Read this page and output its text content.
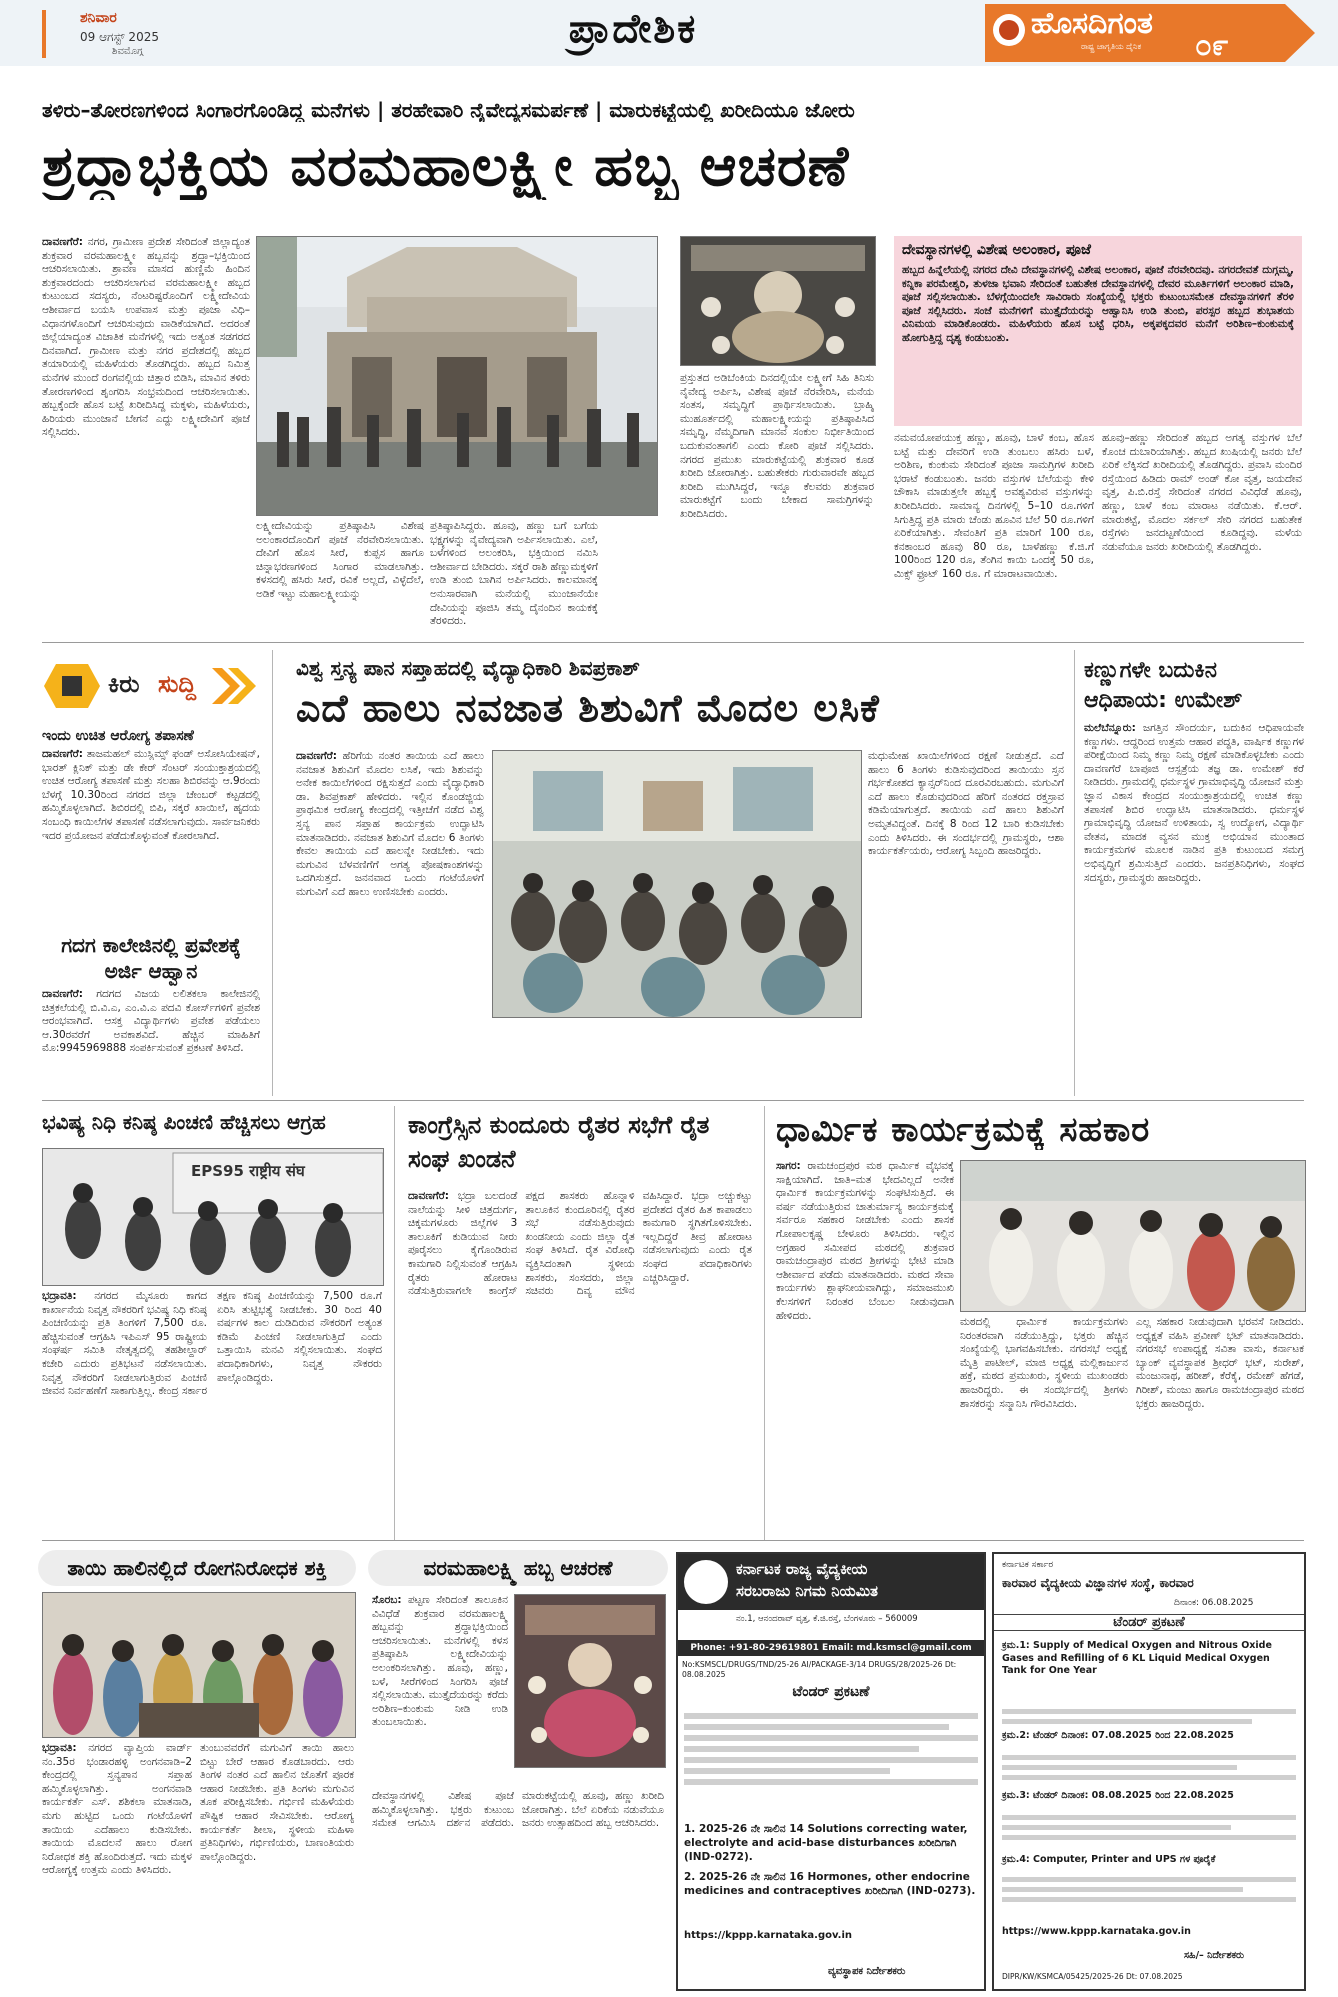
ಶನಿವಾರ
09 ಆಗಸ್ಟ್ 2025
ಶಿವಮೊಗ್ಗ	ಪ್ರಾದೇಶಿಕ	ಹೊಸದಿಗಂತ
ರಾಷ್ಟ್ರ ಜಾಗೃತಿಯ ದೈನಿಕ ೦೯
ತಳಿರು–ತೋರಣಗಳಿಂದ ಸಿಂಗಾರಗೊಂಡಿದ್ದ ಮನೆಗಳು | ತರಹೇವಾರಿ ನೈವೇದ್ಯಸಮರ್ಪಣೆ | ಮಾರುಕಟ್ಟೆಯಲ್ಲಿ ಖರೀದಿಯೂ ಜೋರು
ಶ್ರದ್ಧಾಭಕ್ತಿಯ ವರಮಹಾಲಕ್ಷ್ಮೀ ಹಬ್ಬ ಆಚರಣೆ

ದಾವಣಗೆರೆ: ನಗರ, ಗ್ರಾಮೀಣ ಪ್ರದೇಶ ಸೇರಿದಂತೆ ಜಿಲ್ಲಾದ್ಯಂತ ಶುಕ್ರವಾರ ವರಮಹಾಲಕ್ಷ್ಮೀ ಹಬ್ಬವನ್ನು ಶ್ರದ್ಧಾ–ಭಕ್ತಿಯಿಂದ ಆಚರಿಸಲಾಯಿತು. ಶ್ರಾವಣ ಮಾಸದ ಹುಣ್ಣಿಮೆ ಹಿಂದಿನ ಶುಕ್ರವಾರದಂದು ಆಚರಿಸಲಾಗುವ ವರಮಹಾಲಕ್ಷ್ಮೀ ಹಬ್ಬದ ಕುಟುಂಬದ ಸದಸ್ಯರು, ನೆಂಟರಿಷ್ಟರೊಂದಿಗೆ ಲಕ್ಷ್ಮೀದೇವಿಯ ಆಶೀರ್ವಾದ ಬಯಸಿ ಉಪವಾಸ ಮತ್ತು ಪೂಜಾ ವಿಧಿ–ವಿಧಾನಗಳೊಂದಿಗೆ ಆಚರಿಸುವುದು ವಾಡಿಕೆಯಾಗಿದೆ. ಅದರಂತೆ ಜಿಲ್ಲೆಯಾದ್ಯಂತ ವಿಜಾತಿಕ ಮನೆಗಳಲ್ಲಿ ಇದು ಅತ್ಯಂತ ಸಡಗರದ ದಿನವಾಗಿದೆ. ಗ್ರಾಮೀಣ ಮತ್ತು ನಗರ ಪ್ರದೇಶದಲ್ಲಿ ಹಬ್ಬದ ತಯಾರಿಯಲ್ಲಿ ಮಹಿಳೆಯರು ತೊಡಗಿದ್ದರು. ಹಬ್ಬದ ನಿಮಿತ್ತ ಮನೆಗಳ ಮುಂದೆ ರಂಗವಲ್ಲಿಯ ಚಿತ್ತಾರ ಬಿಡಿಸಿ, ಮಾವಿನ ತಳಿರು ತೋರಣಗಳಿಂದ ಶೃಂಗರಿಸಿ ಸಂಭ್ರಮದಿಂದ ಆಚರಿಸಲಾಯಿತು. ಹಬ್ಬಕ್ಕೆಂದೇ ಹೊಸ ಬಟ್ಟೆ ಖರೀದಿಸಿದ್ದ ಮಕ್ಕಳು, ಮಹಿಳೆಯರು, ಹಿರಿಯರು ಮುಂಜಾನೆ ಬೇಗನೆ ಎದ್ದು ಲಕ್ಷ್ಮೀದೇವಿಗೆ ಪೂಜೆ ಸಲ್ಲಿಸಿದರು.

ದೇವಸ್ಥಾನಗಳಲ್ಲಿ ವಿಶೇಷ ಅಲಂಕಾರ, ಪೂಜೆ

ಹಬ್ಬದ ಹಿನ್ನೆಲೆಯಲ್ಲಿ ನಗರದ ದೇವಿ ದೇವಸ್ಥಾನಗಳಲ್ಲಿ ವಿಶೇಷ ಅಲಂಕಾರ, ಪೂಜೆ ನೆರವೇರಿದವು. ನಗರದೇವತೆ ದುಗ್ಗಮ್ಮ, ಕನ್ನಿಕಾ ಪರಮೇಶ್ವರಿ, ತುಳಜಾ ಭವಾನಿ ಸೇರಿದಂತೆ ಬಹುತೇಕ ದೇವಸ್ಥಾನಗಳಲ್ಲಿ ದೇವರ ಮೂರ್ತಿಗಳಿಗೆ ಅಲಂಕಾರ ಮಾಡಿ, ಪೂಜೆ ಸಲ್ಲಿಸಲಾಯಿತು. ಬೆಳಗ್ಗೆಯಿಂದಲೇ ಸಾವಿರಾರು ಸಂಖ್ಯೆಯಲ್ಲಿ ಭಕ್ತರು ಕುಟುಂಬಸಮೇತ ದೇವಸ್ಥಾನಗಳಿಗೆ ತೆರಳಿ ಪೂಜೆ ಸಲ್ಲಿಸಿದರು. ಸಂಜೆ ಮನೆಗಳಿಗೆ ಮುತ್ತೈದೆಯರನ್ನು ಆಹ್ವಾನಿಸಿ ಉಡಿ ತುಂಬಿ, ಪರಸ್ಪರ ಹಬ್ಬದ ಶುಭಾಶಯ ವಿನಿಮಯ ಮಾಡಿಕೊಂಡರು. ಮಹಿಳೆಯರು ಹೊಸ ಬಟ್ಟೆ ಧರಿಸಿ, ಅಕ್ಕಪಕ್ಕದವರ ಮನೆಗೆ ಅರಿಶಿಣ–ಕುಂಕುಮಕ್ಕೆ ಹೋಗುತ್ತಿದ್ದ ದೃಶ್ಯ ಕಂಡುಬಂತು.

ಲಕ್ಷ್ಮೀದೇವಿಯನ್ನು ಪ್ರತಿಷ್ಠಾಪಿಸಿ ವಿಶೇಷ ಅಲಂಕಾರದೊಂದಿಗೆ ಪೂಜೆ ನೆರವೇರಿಸಲಾಯಿತು. ದೇವಿಗೆ ಹೊಸ ಸೀರೆ, ಕುಪ್ಪಸ ಹಾಗೂ ಚಿನ್ನಾಭರಣಗಳಿಂದ ಸಿಂಗಾರ ಮಾಡಲಾಗಿತ್ತು. ಕಳಸದಲ್ಲಿ ಹಸಿರು ಸೀರೆ, ರವಿಕೆ ಅಲ್ಲದೆ, ವಿಳ್ಳೆದೆಲೆ, ಅಡಿಕೆ ಇಟ್ಟು ಮಹಾಲಕ್ಷ್ಮೀಯನ್ನು

ಪ್ರತಿಷ್ಠಾಪಿಸಿದ್ದರು. ಹೂವು, ಹಣ್ಣು ಬಗೆ ಬಗೆಯ ಭಕ್ಷ್ಯಗಳನ್ನು ನೈವೇದ್ಯವಾಗಿ ಅರ್ಪಿಸಲಾಯಿತು. ಎಲೆ, ಬಳೆಗಳಿಂದ ಅಲಂಕರಿಸಿ, ಭಕ್ತಿಯಿಂದ ನಮಿಸಿ ಆಶೀರ್ವಾದ ಬೇಡಿದರು. ಸಕ್ಕರೆ ರಾಶಿ ಹೆಣ್ಣುಮಕ್ಕಳಿಗೆ ಉಡಿ ತುಂಬಿ ಬಾಗಿನ ಅರ್ಪಿಸಿದರು. ಕಾಲಮಾನಕ್ಕೆ ಅನುಸಾರವಾಗಿ ಮನೆಯಲ್ಲಿ ಮುಂಜಾನೆಯೇ ದೇವಿಯನ್ನು ಪೂಜಿಸಿ ತಮ್ಮ ದೈನಂದಿನ ಕಾಯಕಕ್ಕೆ ತೆರಳಿದರು.

ಪ್ರಸ್ತುತದ ಅಡಿಬೆಂಕಿಯ ದಿನದಲ್ಲಿಯೇ ಲಕ್ಷ್ಮೀಗೆ ಸಿಹಿ ತಿನಿಸು ನೈವೇದ್ಯ ಅರ್ಪಿಸಿ, ವಿಶೇಷ ಪೂಜೆ ನೆರವೇರಿಸಿ, ಮನೆಯ ಸಂತಸ, ಸಮೃದ್ಧಿಗೆ ಪ್ರಾರ್ಥಿಸಲಾಯಿತು. ಬ್ರಾಹ್ಮಿ ಮುಹೂರ್ತದಲ್ಲಿ ಮಹಾಲಕ್ಷ್ಮೀಯನ್ನು ಪ್ರತಿಷ್ಠಾಪಿಸಿದ ಸಮೃದ್ಧಿ, ನೆಮ್ಮದಿಗಾಗಿ ಮಾನವ ಸಂಕುಲ ನಿರ್ಭೀತಿಯಿಂದ ಬದುಕುವಂತಾಗಲಿ ಎಂದು ಕೋರಿ ಪೂಜೆ ಸಲ್ಲಿಸಿದರು. ನಗರದ ಪ್ರಮುಖ ಮಾರುಕಟ್ಟೆಯಲ್ಲಿ ಶುಕ್ರವಾರ ಕೂಡ ಖರೀದಿ ಜೋರಾಗಿತ್ತು. ಬಹುತೇಕರು ಗುರುವಾರವೇ ಹಬ್ಬದ ಖರೀದಿ ಮುಗಿಸಿದ್ದರೆ, ಇನ್ನೂ ಕೆಲವರು ಶುಕ್ರವಾರ ಮಾರುಕಟ್ಟೆಗೆ ಬಂದು ಬೇಕಾದ ಸಾಮಗ್ರಿಗಳನ್ನು ಖರೀದಿಸಿದರು.

ನಮವಯೋಪಯುಕ್ತ ಹಣ್ಣು, ಹೂವು, ಬಾಳೆ ಕಂಬ, ಹೊಸ ಬಟ್ಟೆ ಮತ್ತು ದೇವರಿಗೆ ಉಡಿ ತುಂಬಲು ಹಸಿರು ಬಳೆ, ಅರಿಶಿಣ, ಕುಂಕುಮ ಸೇರಿದಂತೆ ಪೂಜಾ ಸಾಮಗ್ರಿಗಳ ಖರೀದಿ ಭರಾಟೆ ಕಂಡುಬಂತು. ಜನರು ವಸ್ತುಗಳ ಬೆಲೆಯನ್ನು ಕೇಳಿ ಚೌಕಾಸಿ ಮಾಡುತ್ತಲೇ ಹಬ್ಬಕ್ಕೆ ಅವಶ್ಯವಿರುವ ವಸ್ತುಗಳನ್ನು ಖರೀದಿಸಿದರು. ಸಾಮಾನ್ಯ ದಿನಗಳಲ್ಲಿ 5–10 ರೂ.ಗಳಿಗೆ ಸಿಗುತ್ತಿದ್ದ ಪ್ರತಿ ಮಾರು ಚೆಂಡು ಹೂವಿನ ಬೆಲೆ 50 ರೂ.ಗಳಿಗೆ ಏರಿಕೆಯಾಗಿತ್ತು. ಸೇವಂತಿಗೆ ಪ್ರತಿ ಮಾರಿಗೆ 100 ರೂ, ಕನಕಾಂಬರ ಹೂವು 80 ರೂ, ಬಾಳೆಹಣ್ಣು ಕೆ.ಜಿ.ಗೆ 100ರಿಂದ 120 ರೂ, ತೆಂಗಿನ ಕಾಯಿ ಒಂದಕ್ಕೆ 50 ರೂ, ಮಿಕ್ಸ್ ಫ್ರೂಟ್ 160 ರೂ. ಗೆ ಮಾರಾಟವಾಯಿತು.

ಹೂವು–ಹಣ್ಣು ಸೇರಿದಂತೆ ಹಬ್ಬದ ಅಗತ್ಯ ವಸ್ತುಗಳ ಬೆಲೆ ಕೊಂಚ ದುಬಾರಿಯಾಗಿತ್ತು. ಹಬ್ಬದ ಖುಷಿಯಲ್ಲಿ ಜನರು ಬೆಲೆ ಏರಿಕೆ ಲೆಕ್ಕಿಸದೆ ಖರೀದಿಯಲ್ಲಿ ತೊಡಗಿದ್ದರು. ಪ್ರವಾಸಿ ಮಂದಿರ ರಸ್ತೆಯಿಂದ ಹಿಡಿದು ರಾಮ್ ಅಂಡ್ ಕೋ ವೃತ್ತ, ಜಯದೇವ ವೃತ್ತ, ಪಿ.ಬಿ.ರಸ್ತೆ ಸೇರಿದಂತೆ ನಗರದ ವಿವಿಧೆಡೆ ಹೂವು, ಹಣ್ಣು, ಬಾಳೆ ಕಂಬ ಮಾರಾಟ ನಡೆಯಿತು. ಕೆ.ಆರ್. ಮಾರುಕಟ್ಟೆ, ಮೊದಲ ಸರ್ಕಲ್ ಸೇರಿ ನಗರದ ಬಹುತೇಕ ರಸ್ತೆಗಳು ಜನದಟ್ಟಣೆಯಿಂದ ಕೂಡಿದ್ದವು. ಮಳೆಯ ನಡುವೆಯೂ ಜನರು ಖರೀದಿಯಲ್ಲಿ ತೊಡಗಿದ್ದರು.

ಕಿರು ಸುದ್ದಿ
ಇಂದು ಉಚಿತ ಆರೋಗ್ಯ ತಪಾಸಣೆ

ದಾವಣಗೆರೆ: ತಾಜಮಹಲ್ ಮುಸ್ಲಿಮ್ಸ್ ಫಂಡ್ ಅಸೋಸಿಯೇಷನ್, ಭಾರತ್ ಕ್ಲಿನಿಕ್ ಮತ್ತು ಡೇ ಕೇರ್ ಸೆಂಟರ್ ಸಂಯುಕ್ತಾಶ್ರಯದಲ್ಲಿ ಉಚಿತ ಆರೋಗ್ಯ ತಪಾಸಣೆ ಮತ್ತು ಸಲಹಾ ಶಿಬಿರವನ್ನು ಆ.9ರಂದು ಬೆಳಗ್ಗೆ 10.30ರಿಂದ ನಗರದ ಜಿಲ್ಲಾ ಚೇಂಬರ್ ಕಟ್ಟಡದಲ್ಲಿ ಹಮ್ಮಿಕೊಳ್ಳಲಾಗಿದೆ. ಶಿಬಿರದಲ್ಲಿ ಬಿಪಿ, ಸಕ್ಕರೆ ಖಾಯಿಲೆ, ಹೃದಯ ಸಂಬಂಧಿ ಕಾಯಿಲೆಗಳ ತಪಾಸಣೆ ನಡೆಸಲಾಗುವುದು. ಸಾರ್ವಜನಿಕರು ಇದರ ಪ್ರಯೋಜನ ಪಡೆದುಕೊಳ್ಳುವಂತೆ ಕೋರಲಾಗಿದೆ.

ಗದಗ ಕಾಲೇಜಿನಲ್ಲಿ ಪ್ರವೇಶಕ್ಕೆ ಅರ್ಜಿ ಆಹ್ವಾನ

ದಾವಣಗೆರೆ: ಗದಗದ ವಿಜಯ ಲಲಿತಕಲಾ ಕಾಲೇಜಿನಲ್ಲಿ ಚಿತ್ರಕಲೆಯಲ್ಲಿ ಬಿ.ವಿ.ಎ, ಎಂ.ವಿ.ಎ ಪದವಿ ಕೋರ್ಸ್‌ಗಳಿಗೆ ಪ್ರವೇಶ ಆರಂಭವಾಗಿದೆ. ಆಸಕ್ತ ವಿದ್ಯಾರ್ಥಿಗಳು ಪ್ರವೇಶ ಪಡೆಯಲು ಆ.30ರವರೆಗೆ ಅವಕಾಶವಿದೆ. ಹೆಚ್ಚಿನ ಮಾಹಿತಿಗೆ ಮೊ:9945969888 ಸಂಪರ್ಕಿಸುವಂತೆ ಪ್ರಕಟಣೆ ತಿಳಿಸಿದೆ.

ವಿಶ್ವ ಸ್ತನ್ಯ ಪಾನ ಸಪ್ತಾಹದಲ್ಲಿ ವೈದ್ಯಾಧಿಕಾರಿ ಶಿವಪ್ರಕಾಶ್
ಎದೆ ಹಾಲು ನವಜಾತ ಶಿಶುವಿಗೆ ಮೊದಲ ಲಸಿಕೆ

ದಾವಣಗೆರೆ: ಹೆರಿಗೆಯ ನಂತರ ತಾಯಿಯ ಎದೆ ಹಾಲು ನವಜಾತ ಶಿಶುವಿಗೆ ಮೊದಲ ಲಸಿಕೆ, ಇದು ಶಿಶುವನ್ನು ಅನೇಕ ಕಾಯಿಲೆಗಳಿಂದ ರಕ್ಷಿಸುತ್ತದೆ ಎಂದು ವೈದ್ಯಾಧಿಕಾರಿ ಡಾ. ಶಿವಪ್ರಕಾಶ್ ಹೇಳಿದರು. ಇಲ್ಲಿನ ಕೊಂಡಜ್ಜಿಯ ಪ್ರಾಥಮಿಕ ಆರೋಗ್ಯ ಕೇಂದ್ರದಲ್ಲಿ ಇತ್ತೀಚೆಗೆ ನಡೆದ ವಿಶ್ವ ಸ್ತನ್ಯ ಪಾನ ಸಪ್ತಾಹ ಕಾರ್ಯಕ್ರಮ ಉದ್ಘಾಟಿಸಿ ಮಾತನಾಡಿದರು. ನವಜಾತ ಶಿಶುವಿಗೆ ಮೊದಲ 6 ತಿಂಗಳು ಕೇವಲ ತಾಯಿಯ ಎದೆ ಹಾಲನ್ನೇ ನೀಡಬೇಕು. ಇದು ಮಗುವಿನ ಬೆಳವಣಿಗೆಗೆ ಅಗತ್ಯ ಪೋಷಕಾಂಶಗಳನ್ನು ಒದಗಿಸುತ್ತದೆ. ಜನನವಾದ ಒಂದು ಗಂಟೆಯೊಳಗೆ ಮಗುವಿಗೆ ಎದೆ ಹಾಲು ಉಣಿಸಬೇಕು ಎಂದರು.

ಮಧುಮೇಹ ಖಾಯಿಲೆಗಳಿಂದ ರಕ್ಷಣೆ ನೀಡುತ್ತದೆ. ಎದೆ ಹಾಲು 6 ತಿಂಗಳು ಕುಡಿಸುವುದರಿಂದ ತಾಯಿಯು ಸ್ತನ ಗರ್ಭಕೋಶದ ಕ್ಯಾನ್ಸರ್‌ನಿಂದ ದೂರವಿರಬಹುದು. ಮಗುವಿಗೆ ಎದೆ ಹಾಲು ಕೊಡುವುದರಿಂದ ಹೆರಿಗೆ ನಂತರದ ರಕ್ತಸ್ರಾವ ಕಡಿಮೆಯಾಗುತ್ತದೆ. ತಾಯಿಯ ಎದೆ ಹಾಲು ಶಿಶುವಿಗೆ ಅಮೃತವಿದ್ದಂತೆ. ದಿನಕ್ಕೆ 8 ರಿಂದ 12 ಬಾರಿ ಕುಡಿಸಬೇಕು ಎಂದು ತಿಳಿಸಿದರು. ಈ ಸಂದರ್ಭದಲ್ಲಿ ಗ್ರಾಮಸ್ಥರು, ಆಶಾ ಕಾರ್ಯಕರ್ತೆಯರು, ಆರೋಗ್ಯ ಸಿಬ್ಬಂದಿ ಹಾಜರಿದ್ದರು.

ಕಣ್ಣುಗಳೇ ಬದುಕಿನ ಆಧಿಪಾಯ: ಉಮೇಶ್

ಮಲೆಬೆನ್ನೂರು: ಜಗತ್ತಿನ ಸೌಂದರ್ಯ, ಬದುಕಿನ ಆಧಿಪಾಯವೇ ಕಣ್ಣುಗಳು. ಆದ್ದರಿಂದ ಉತ್ತಮ ಆಹಾರ ಪದ್ಧತಿ, ವಾರ್ಷಿಕ ಕಣ್ಣುಗಳ ಪರೀಕ್ಷೆಯಿಂದ ನಿಮ್ಮ ಕಣ್ಣು ನಿಮ್ಮ ರಕ್ಷಣೆ ಮಾಡಿಕೊಳ್ಳಬೇಕು ಎಂದು ದಾವಣಗೆರೆ ಬಾಪೂಜಿ ಆಸ್ಪತ್ರೆಯ ತಜ್ಞ ಡಾ. ಉಮೇಶ್ ಕರೆ ನೀಡಿದರು. ಗ್ರಾಮದಲ್ಲಿ ಧರ್ಮಸ್ಥಳ ಗ್ರಾಮಾಭಿವೃದ್ಧಿ ಯೋಜನೆ ಮತ್ತು ಜ್ಞಾನ ವಿಕಾಸ ಕೇಂದ್ರದ ಸಂಯುಕ್ತಾಶ್ರಯದಲ್ಲಿ ಉಚಿತ ಕಣ್ಣು ತಪಾಸಣೆ ಶಿಬಿರ ಉದ್ಘಾಟಿಸಿ ಮಾತನಾಡಿದರು. ಧರ್ಮಸ್ಥಳ ಗ್ರಾಮಾಭಿವೃದ್ಧಿ ಯೋಜನೆ ಉಳಿತಾಯ, ಸ್ವ ಉದ್ಯೋಗ, ವಿದ್ಯಾರ್ಥಿ ವೇತನ, ಮಾದಕ ವ್ಯಸನ ಮುಕ್ತ ಅಭಿಯಾನ ಮುಂತಾದ ಕಾರ್ಯಕ್ರಮಗಳ ಮೂಲಕ ನಾಡಿನ ಪ್ರತಿ ಕುಟುಂಬದ ಸಮಗ್ರ ಅಭಿವೃದ್ಧಿಗೆ ಶ್ರಮಿಸುತ್ತಿದೆ ಎಂದರು. ಜನಪ್ರತಿನಿಧಿಗಳು, ಸಂಘದ ಸದಸ್ಯರು, ಗ್ರಾಮಸ್ಥರು ಹಾಜರಿದ್ದರು.

ಭವಿಷ್ಯ ನಿಧಿ ಕನಿಷ್ಠ ಪಿಂಚಣಿ ಹೆಚ್ಚಿಸಲು ಆಗ್ರಹ
EPS95 राष्ट्रीय संघ

ಭದ್ರಾವತಿ: ನಗರದ ಮೈಸೂರು ಕಾಗದ ಕಾರ್ಖಾನೆಯ ನಿವೃತ್ತ ನೌಕರರಿಗೆ ಭವಿಷ್ಯ ನಿಧಿ ಕನಿಷ್ಠ ಪಿಂಚಣಿಯನ್ನು ಪ್ರತಿ ತಿಂಗಳಿಗೆ 7,500 ರೂ. ಹೆಚ್ಚಿಸುವಂತೆ ಆಗ್ರಹಿಸಿ ಇಪಿಎಸ್ 95 ರಾಷ್ಟ್ರೀಯ ಸಂಘರ್ಷ ಸಮಿತಿ ನೇತೃತ್ವದಲ್ಲಿ ತಹಶೀಲ್ದಾರ್ ಕಚೇರಿ ಎದುರು ಪ್ರತಿಭಟನೆ ನಡೆಸಲಾಯಿತು. ನಿವೃತ್ತ ನೌಕರರಿಗೆ ನೀಡಲಾಗುತ್ತಿರುವ ಪಿಂಚಣಿ ಜೀವನ ನಿರ್ವಹಣೆಗೆ ಸಾಕಾಗುತ್ತಿಲ್ಲ. ಕೇಂದ್ರ ಸರ್ಕಾರ ತಕ್ಷಣ ಕನಿಷ್ಠ ಪಿಂಚಣಿಯನ್ನು 7,500 ರೂ.ಗೆ ಏರಿಸಿ ತುಟ್ಟಿಭತ್ಯೆ ನೀಡಬೇಕು. 30 ರಿಂದ 40 ವರ್ಷಗಳ ಕಾಲ ದುಡಿದಿರುವ ನೌಕರರಿಗೆ ಅತ್ಯಂತ ಕಡಿಮೆ ಪಿಂಚಣಿ ನೀಡಲಾಗುತ್ತಿದೆ ಎಂದು ಒತ್ತಾಯಿಸಿ ಮನವಿ ಸಲ್ಲಿಸಲಾಯಿತು. ಸಂಘದ ಪದಾಧಿಕಾರಿಗಳು, ನಿವೃತ್ತ ನೌಕರರು ಪಾಲ್ಗೊಂಡಿದ್ದರು.

ಕಾಂಗ್ರೆಸ್ಸಿನ ಕುಂದೂರು ರೈತರ ಸಭೆಗೆ ರೈತ ಸಂಘ ಖಂಡನೆ

ದಾವಣಗೆರೆ: ಭದ್ರಾ ಬಲದಂಡೆ ನಾಲೆಯನ್ನು ಸೀಳಿ ಚಿತ್ರದುರ್ಗ, ಚಿಕ್ಕಮಗಳೂರು ಜಿಲ್ಲೆಗಳ 3 ತಾಲೂಕಿಗೆ ಕುಡಿಯುವ ನೀರು ಪೂರೈಸಲು ಕೈಗೊಂಡಿರುವ ಕಾಮಗಾರಿ ನಿಲ್ಲಿಸುವಂತೆ ಆಗ್ರಹಿಸಿ ರೈತರು ಹೋರಾಟ ನಡೆಸುತ್ತಿರುವಾಗಲೇ ಕಾಂಗ್ರೆಸ್ ಪಕ್ಷದ ಶಾಸಕರು ಹೊನ್ನಾಳಿ ತಾಲೂಕಿನ ಕುಂದೂರಿನಲ್ಲಿ ರೈತರ ಸಭೆ ನಡೆಸುತ್ತಿರುವುದು ಖಂಡನೀಯ ಎಂದು ಜಿಲ್ಲಾ ರೈತ ಸಂಘ ತಿಳಿಸಿದೆ. ರೈತ ವಿರೋಧಿ ವ್ಯಕ್ತಿಸಿದಂತಾಗಿ ಸ್ಥಳೀಯ ಶಾಸಕರು, ಸಂಸದರು, ಜಿಲ್ಲಾ ಸಚಿವರು ದಿವ್ಯ ಮೌನ ವಹಿಸಿದ್ದಾರೆ. ಭದ್ರಾ ಅಚ್ಚುಕಟ್ಟು ಪ್ರದೇಶದ ರೈತರ ಹಿತ ಕಾಪಾಡಲು ಕಾಮಗಾರಿ ಸ್ಥಗಿತಗೊಳಿಸಬೇಕು. ಇಲ್ಲದಿದ್ದರೆ ತೀವ್ರ ಹೋರಾಟ ನಡೆಸಲಾಗುವುದು ಎಂದು ರೈತ ಸಂಘದ ಪದಾಧಿಕಾರಿಗಳು ಎಚ್ಚರಿಸಿದ್ದಾರೆ.

ಧಾರ್ಮಿಕ ಕಾರ್ಯಕ್ರಮಕ್ಕೆ ಸಹಕಾರ

ಸಾಗರ: ರಾಮಚಂದ್ರಪುರ ಮಠ ಧಾರ್ಮಿಕ ವೈಭವಕ್ಕೆ ಸಾಕ್ಷಿಯಾಗಿದೆ. ಜಾತಿ–ಮತ ಭೇದವಿಲ್ಲದೆ ಅನೇಕ ಧಾರ್ಮಿಕ ಕಾರ್ಯಕ್ರಮಗಳನ್ನು ಸಂಘಟಿಸುತ್ತಿದೆ. ಈ ವರ್ಷ ನಡೆಯುತ್ತಿರುವ ಚಾತುರ್ಮಾಸ್ಯ ಕಾರ್ಯಕ್ರಮಕ್ಕೆ ಸರ್ವರೂ ಸಹಕಾರ ನೀಡಬೇಕು ಎಂದು ಶಾಸಕ ಗೋಪಾಲಕೃಷ್ಣ ಬೇಳೂರು ತಿಳಿಸಿದರು. ಇಲ್ಲಿನ ಅಗ್ರಹಾರ ಸಮೀಪದ ಮಠದಲ್ಲಿ ಶುಕ್ರವಾರ ರಾಮಚಂದ್ರಾಪುರ ಮಠದ ಶ್ರೀಗಳನ್ನು ಭೇಟಿ ಮಾಡಿ ಆಶೀರ್ವಾದ ಪಡೆದು ಮಾತನಾಡಿದರು. ಮಠದ ಸೇವಾ ಕಾರ್ಯಗಳು ಶ್ಲಾಘನೀಯವಾಗಿದ್ದು, ಸಮಾಜಮುಖಿ ಕೆಲಸಗಳಿಗೆ ನಿರಂತರ ಬೆಂಬಲ ನೀಡುವುದಾಗಿ ಹೇಳಿದರು.

ಮಠದಲ್ಲಿ ಧಾರ್ಮಿಕ ಕಾರ್ಯಕ್ರಮಗಳು ನಿರಂತರವಾಗಿ ನಡೆಯುತ್ತಿದ್ದು, ಭಕ್ತರು ಹೆಚ್ಚಿನ ಸಂಖ್ಯೆಯಲ್ಲಿ ಭಾಗವಹಿಸಬೇಕು. ನಗರಸಭೆ ಅಧ್ಯಕ್ಷೆ ಮೈತ್ರಿ ಪಾಟೀಲ್, ಮಾಜಿ ಅಧ್ಯಕ್ಷ ಮಲ್ಲಿಕಾರ್ಜುನ ಹಕ್ರೆ, ಮಠದ ಪ್ರಮುಖರು, ಸ್ಥಳೀಯ ಮುಖಂಡರು ಹಾಜರಿದ್ದರು. ಈ ಸಂದರ್ಭದಲ್ಲಿ ಶ್ರೀಗಳು ಶಾಸಕರನ್ನು ಸನ್ಮಾನಿಸಿ ಗೌರವಿಸಿದರು.

ಎಲ್ಲ ಸಹಕಾರ ನೀಡುವುದಾಗಿ ಭರವಸೆ ನೀಡಿದರು. ಅಧ್ಯಕ್ಷತೆ ವಹಿಸಿ ಪ್ರವೀಣ್ ಭಟ್ ಮಾತನಾಡಿದರು. ನಗರಸಭೆ ಉಪಾಧ್ಯಕ್ಷೆ ಸವಿತಾ ವಾಸು, ಕರ್ನಾಟಕ ಬ್ಯಾಂಕ್ ವ್ಯವಸ್ಥಾಪಕ ಶ್ರೀಧರ್ ಭಟ್, ಸುರೇಶ್, ಮಂಜುನಾಥ, ಹರೀಶ್, ಕೆರೆಕೈ, ರಮೇಶ್ ಹೆಗಡೆ, ಗಿರೀಶ್, ಮಂಜು ಹಾಗೂ ರಾಮಚಂದ್ರಾಪುರ ಮಠದ ಭಕ್ತರು ಹಾಜರಿದ್ದರು.

ತಾಯಿ ಹಾಲಿನಲ್ಲಿದೆ ರೋಗನಿರೋಧಕ ಶಕ್ತಿ

ಭದ್ರಾವತಿ: ನಗರದ ವ್ಯಾಪ್ತಿಯ ವಾರ್ಡ್ ನಂ.35ರ ಭಂಡಾರಹಳ್ಳಿ ಅಂಗನವಾಡಿ–2 ಕೇಂದ್ರದಲ್ಲಿ ಸ್ತನ್ಯಪಾನ ಸಪ್ತಾಹ ಹಮ್ಮಿಕೊಳ್ಳಲಾಗಿತ್ತು. ಅಂಗನವಾಡಿ ಕಾರ್ಯಕರ್ತೆ ಎಸ್. ಶಶಿಕಲಾ ಮಾತನಾಡಿ, ಮಗು ಹುಟ್ಟಿದ ಒಂದು ಗಂಟೆಯೊಳಗೆ ತಾಯಿಯ ಎದೆಹಾಲು ಕುಡಿಸಬೇಕು. ತಾಯಿಯ ಮೊದಲನೆ ಹಾಲು ರೋಗ ನಿರೋಧಕ ಶಕ್ತಿ ಹೊಂದಿರುತ್ತದೆ. ಇದು ಮಕ್ಕಳ ಆರೋಗ್ಯಕ್ಕೆ ಉತ್ತಮ ಎಂದು ತಿಳಿಸಿದರು.

ತುಂಬುವವರೆಗೆ ಮಗುವಿಗೆ ತಾಯಿ ಹಾಲು ಬಿಟ್ಟು ಬೇರೆ ಆಹಾರ ಕೊಡಬಾರದು. ಆರು ತಿಂಗಳ ನಂತರ ಎದೆ ಹಾಲಿನ ಜೊತೆಗೆ ಪೂರಕ ಆಹಾರ ನೀಡಬೇಕು. ಪ್ರತಿ ತಿಂಗಳು ಮಗುವಿನ ತೂಕ ಪರೀಕ್ಷಿಸಬೇಕು. ಗರ್ಭಿಣಿ ಮಹಿಳೆಯರು ಪೌಷ್ಟಿಕ ಆಹಾರ ಸೇವಿಸಬೇಕು. ಆರೋಗ್ಯ ಕಾರ್ಯಕರ್ತೆ ಶೀಲಾ, ಸ್ಥಳೀಯ ಮಹಿಳಾ ಪ್ರತಿನಿಧಿಗಳು, ಗರ್ಭಿಣಿಯರು, ಬಾಣಂತಿಯರು ಪಾಲ್ಗೊಂಡಿದ್ದರು.

ವರಮಹಾಲಕ್ಷ್ಮಿ ಹಬ್ಬ ಆಚರಣೆ

ಸೊರಬ: ಪಟ್ಟಣ ಸೇರಿದಂತೆ ತಾಲೂಕಿನ ವಿವಿಧೆಡೆ ಶುಕ್ರವಾರ ವರಮಹಾಲಕ್ಷ್ಮಿ ಹಬ್ಬವನ್ನು ಶ್ರದ್ಧಾಭಕ್ತಿಯಿಂದ ಆಚರಿಸಲಾಯಿತು. ಮನೆಗಳಲ್ಲಿ ಕಳಸ ಪ್ರತಿಷ್ಠಾಪಿಸಿ ಲಕ್ಷ್ಮೀದೇವಿಯನ್ನು ಅಲಂಕರಿಸಲಾಗಿತ್ತು. ಹೂವು, ಹಣ್ಣು, ಬಳೆ, ಸೀರೆಗಳಿಂದ ಸಿಂಗರಿಸಿ ಪೂಜೆ ಸಲ್ಲಿಸಲಾಯಿತು. ಮುತ್ತೈದೆಯರನ್ನು ಕರೆದು ಅರಿಶಿಣ–ಕುಂಕುಮ ನೀಡಿ ಉಡಿ ತುಂಬಲಾಯಿತು.

ದೇವಸ್ಥಾನಗಳಲ್ಲಿ ವಿಶೇಷ ಪೂಜೆ ಹಮ್ಮಿಕೊಳ್ಳಲಾಗಿತ್ತು. ಭಕ್ತರು ಕುಟುಂಬ ಸಮೇತ ಆಗಮಿಸಿ ದರ್ಶನ ಪಡೆದರು. ಮಾರುಕಟ್ಟೆಯಲ್ಲಿ ಹೂವು, ಹಣ್ಣು ಖರೀದಿ ಜೋರಾಗಿತ್ತು. ಬೆಲೆ ಏರಿಕೆಯ ನಡುವೆಯೂ ಜನರು ಉತ್ಸಾಹದಿಂದ ಹಬ್ಬ ಆಚರಿಸಿದರು.

ಕರ್ನಾಟಕ ರಾಜ್ಯ ವೈದ್ಯಕೀಯ
ಸರಬರಾಜು ನಿಗಮ ನಿಯಮಿತ
ನಂ.1, ಆನಂದರಾವ್ ವೃತ್ತ, ಕೆ.ಜಿ.ರಸ್ತೆ, ಬೆಂಗಳೂರು – 560009
Phone: +91-80-29619801 Email: md.ksmscl@gmail.com
No:KSMSCL/DRUGS/TND/25-26 AI/PACKAGE-3/14 DRUGS/28/2025-26 Dt: 08.08.2025
ಟೆಂಡರ್ ಪ್ರಕಟಣೆ
1. 2025-26 ನೇ ಸಾಲಿನ 14 Solutions correcting water, electrolyte and acid-base disturbances ಖರೀದಿಗಾಗಿ (IND-0272).
2. 2025-26 ನೇ ಸಾಲಿನ 16 Hormones, other endocrine medicines and contraceptives ಖರೀದಿಗಾಗಿ (IND-0273).
https://kppp.karnataka.gov.in
ವ್ಯವಸ್ಥಾಪಕ ನಿರ್ದೇಶಕರು
ಕರ್ನಾಟಕ ಸರ್ಕಾರ
ಕಾರವಾರ ವೈದ್ಯಕೀಯ ವಿಜ್ಞಾನಗಳ ಸಂಸ್ಥೆ, ಕಾರವಾರ
ದಿನಾಂಕ: 06.08.2025
ಟೆಂಡರ್ ಪ್ರಕಟಣೆ
ಕ್ರಮ.1: Supply of Medical Oxygen and Nitrous Oxide Gases and Refilling of 6 KL Liquid Medical Oxygen Tank for One Year
ಕ್ರಮ.2: ಟೆಂಡರ್ ದಿನಾಂಕ: 07.08.2025 ರಿಂದ 22.08.2025
ಕ್ರಮ.3: ಟೆಂಡರ್ ದಿನಾಂಕ: 08.08.2025 ರಿಂದ 22.08.2025
ಕ್ರಮ.4: Computer, Printer and UPS ಗಳ ಪೂರೈಕೆ
https://www.kppp.karnataka.gov.in
ಸಹಿ/– ನಿರ್ದೇಶಕರು
DIPR/KW/KSMCA/05425/2025-26 Dt: 07.08.2025
